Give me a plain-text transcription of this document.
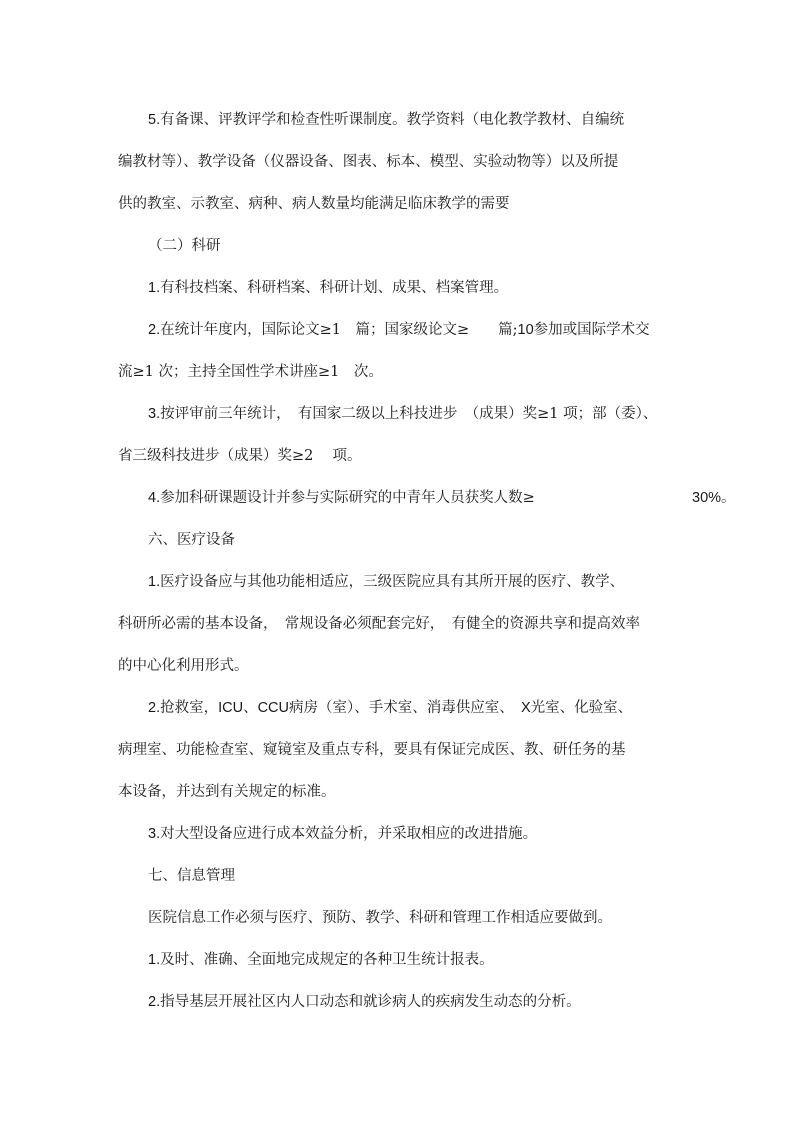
5.有备课、评教评学和检查性听课制度。教学资料（电化教学教材、自编统
编教材等）、教学设备（仪器设备、图表、标本、模型、实验动物等）以及所提
供的教室、示教室、病种、病人数量均能满足临床教学的需要
（二）科研
1.有科技档案、科研档案、科研计划、成果、档案管理。
2.在统计年度内，国际论文≥1　篇；国家级论文≥　　篇;10参加或国际学术交
流≥1 次；主持全国性学术讲座≥1　次。
3.按评审前三年统计，　有国家二级以上科技进步　（成果）奖≥1 项；部（委）、
省三级科技进步（成果）奖≥2　 项。
4.参加科研课题设计并参与实际研究的中青年人员获奖人数≥	30%。
六、医疗设备
1.医疗设备应与其他功能相适应，三级医院应具有其所开展的医疗、教学、
科研所必需的基本设备，　常规设备必须配套完好，　有健全的资源共享和提高效率
的中心化利用形式。
2.抢救室，ICU、CCU病房（室）、手术室、消毒供应室、　X光室、化验室、
病理室、功能检查室、窥镜室及重点专科，要具有保证完成医、教、研任务的基
本设备，并达到有关规定的标准。
3.对大型设备应进行成本效益分析，并采取相应的改进措施。
七、信息管理
医院信息工作必须与医疗、预防、教学、科研和管理工作相适应要做到。
1.及时、准确、全面地完成规定的各种卫生统计报表。
2.指导基层开展社区内人口动态和就诊病人的疾病发生动态的分析。
